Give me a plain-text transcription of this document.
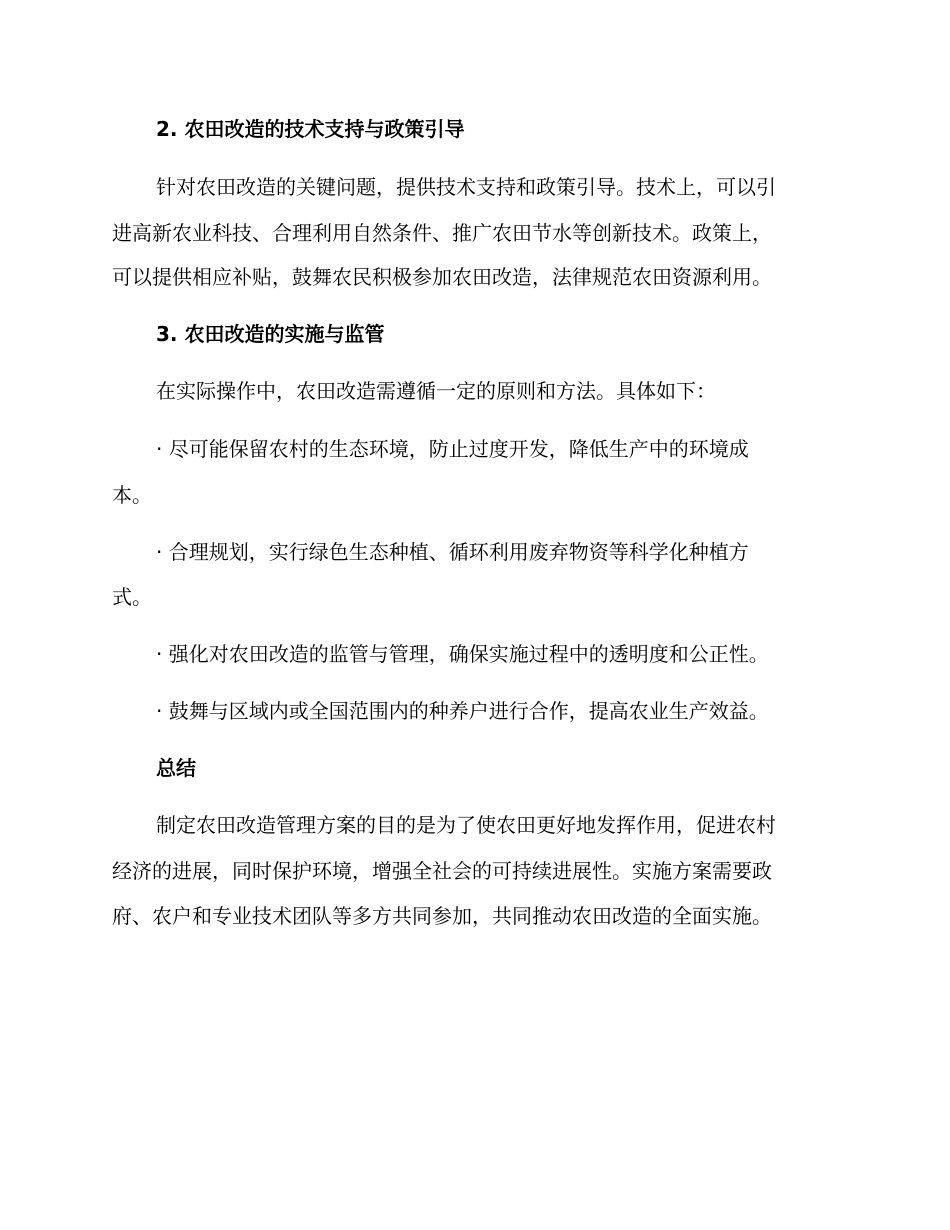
2. 农田改造的技术支持与政策引导
针对农田改造的关键问题，提供技术支持和政策引导。技术上，可以引
进高新农业科技、合理利用自然条件、推广农田节水等创新技术。政策上，
可以提供相应补贴，鼓舞农民积极参加农田改造，法律规范农田资源利用。
3. 农田改造的实施与监管
在实际操作中，农田改造需遵循一定的原则和方法。具体如下：
· 尽可能保留农村的生态环境，防止过度开发，降低生产中的环境成
本。
· 合理规划，实行绿色生态种植、循环利用废弃物资等科学化种植方
式。
· 强化对农田改造的监管与管理，确保实施过程中的透明度和公正性。
· 鼓舞与区域内或全国范围内的种养户进行合作，提高农业生产效益。
总结
制定农田改造管理方案的目的是为了使农田更好地发挥作用，促进农村
经济的进展，同时保护环境，增强全社会的可持续进展性。实施方案需要政
府、农户和专业技术团队等多方共同参加，共同推动农田改造的全面实施。
